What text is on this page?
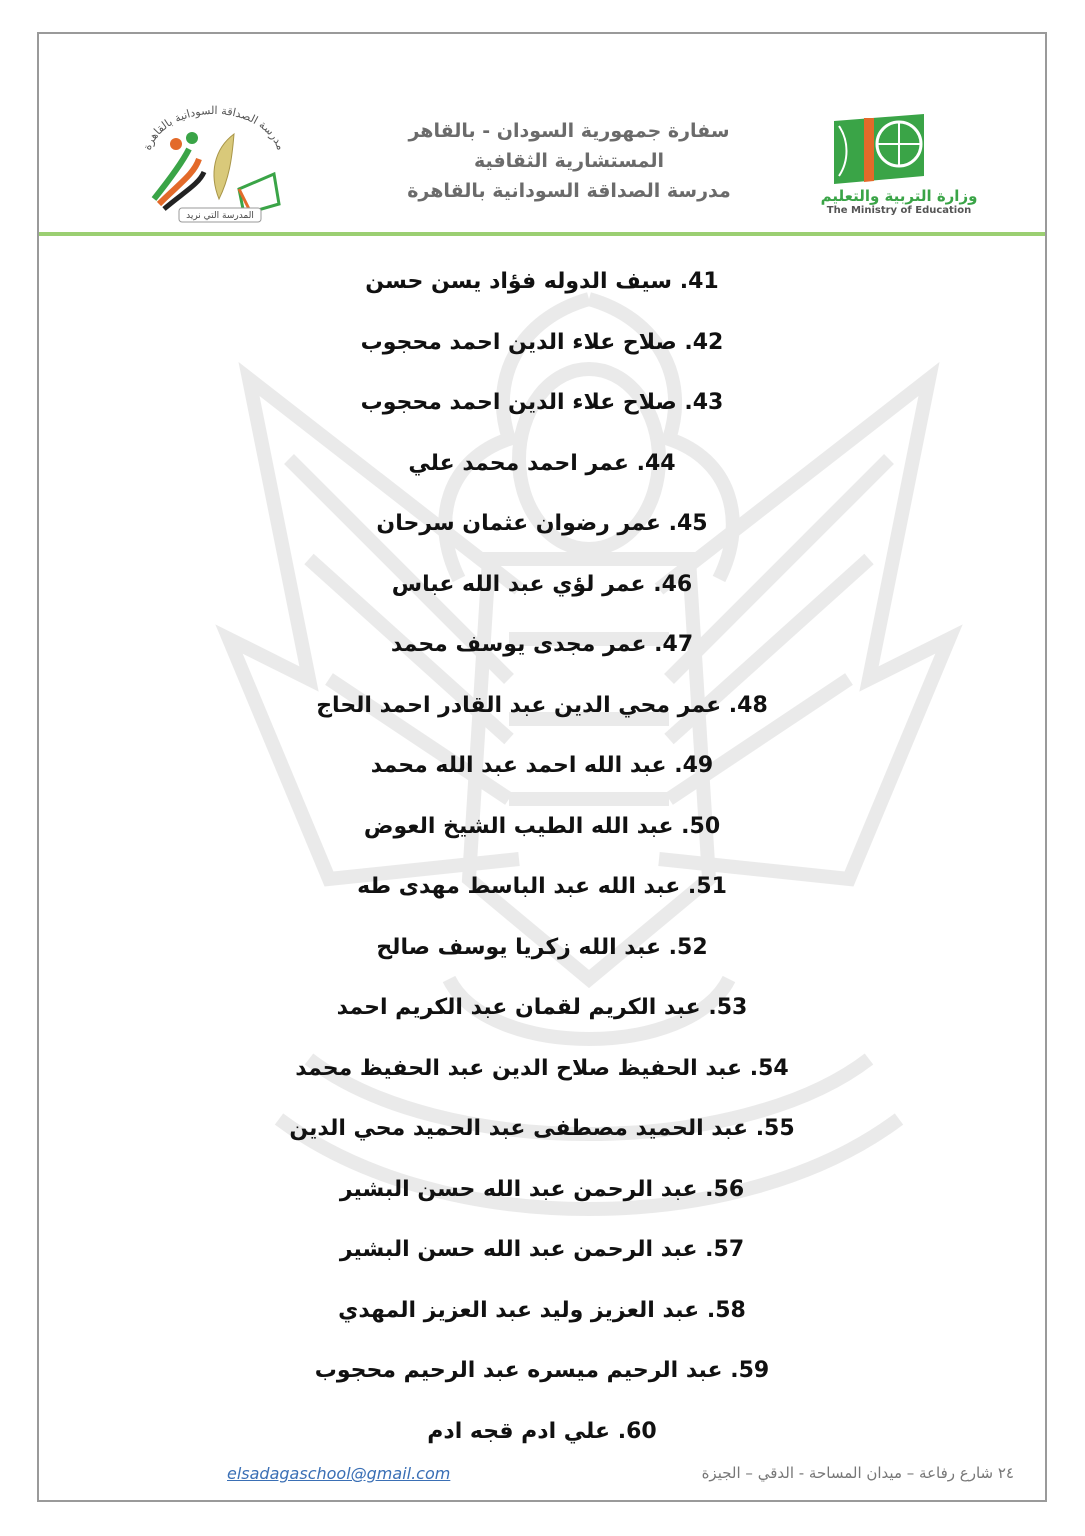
مدرسة الصداقة السودانية بالقاهرة
المدرسة التي نريد
سفارة جمهورية السودان - بالقاهر
المستشارية الثقافية
مدرسة الصداقة السودانية بالقاهرة	وزارة التربية والتعليم
The Ministry of Education
41. سيف الدوله فؤاد يسن حسن
42. صلاح علاء الدين احمد محجوب
43. صلاح علاء الدين احمد محجوب
44. عمر احمد محمد علي
45. عمر رضوان عثمان سرحان
46. عمر لؤي عبد الله عباس
47. عمر مجدى يوسف محمد
48. عمر محي الدين عبد القادر احمد الحاج
49. عبد الله احمد عبد الله محمد
50. عبد الله الطيب الشيخ العوض
51. عبد الله عبد الباسط مهدى طه
52. عبد الله زكريا يوسف صالح
53. عبد الكريم لقمان عبد الكريم احمد
54. عبد الحفيظ صلاح الدين عبد الحفيظ محمد
55. عبد الحميد مصطفى عبد الحميد محي الدين
56. عبد الرحمن عبد الله حسن البشير
57. عبد الرحمن عبد الله حسن البشير
58. عبد العزيز وليد عبد العزيز المهدي
59. عبد الرحيم ميسره عبد الرحيم محجوب
60. علي ادم قجه ادم
elsadagaschool@gmail.com	٢٤ شارع رفاعة – ميدان المساحة - الدقي – الجيزة
